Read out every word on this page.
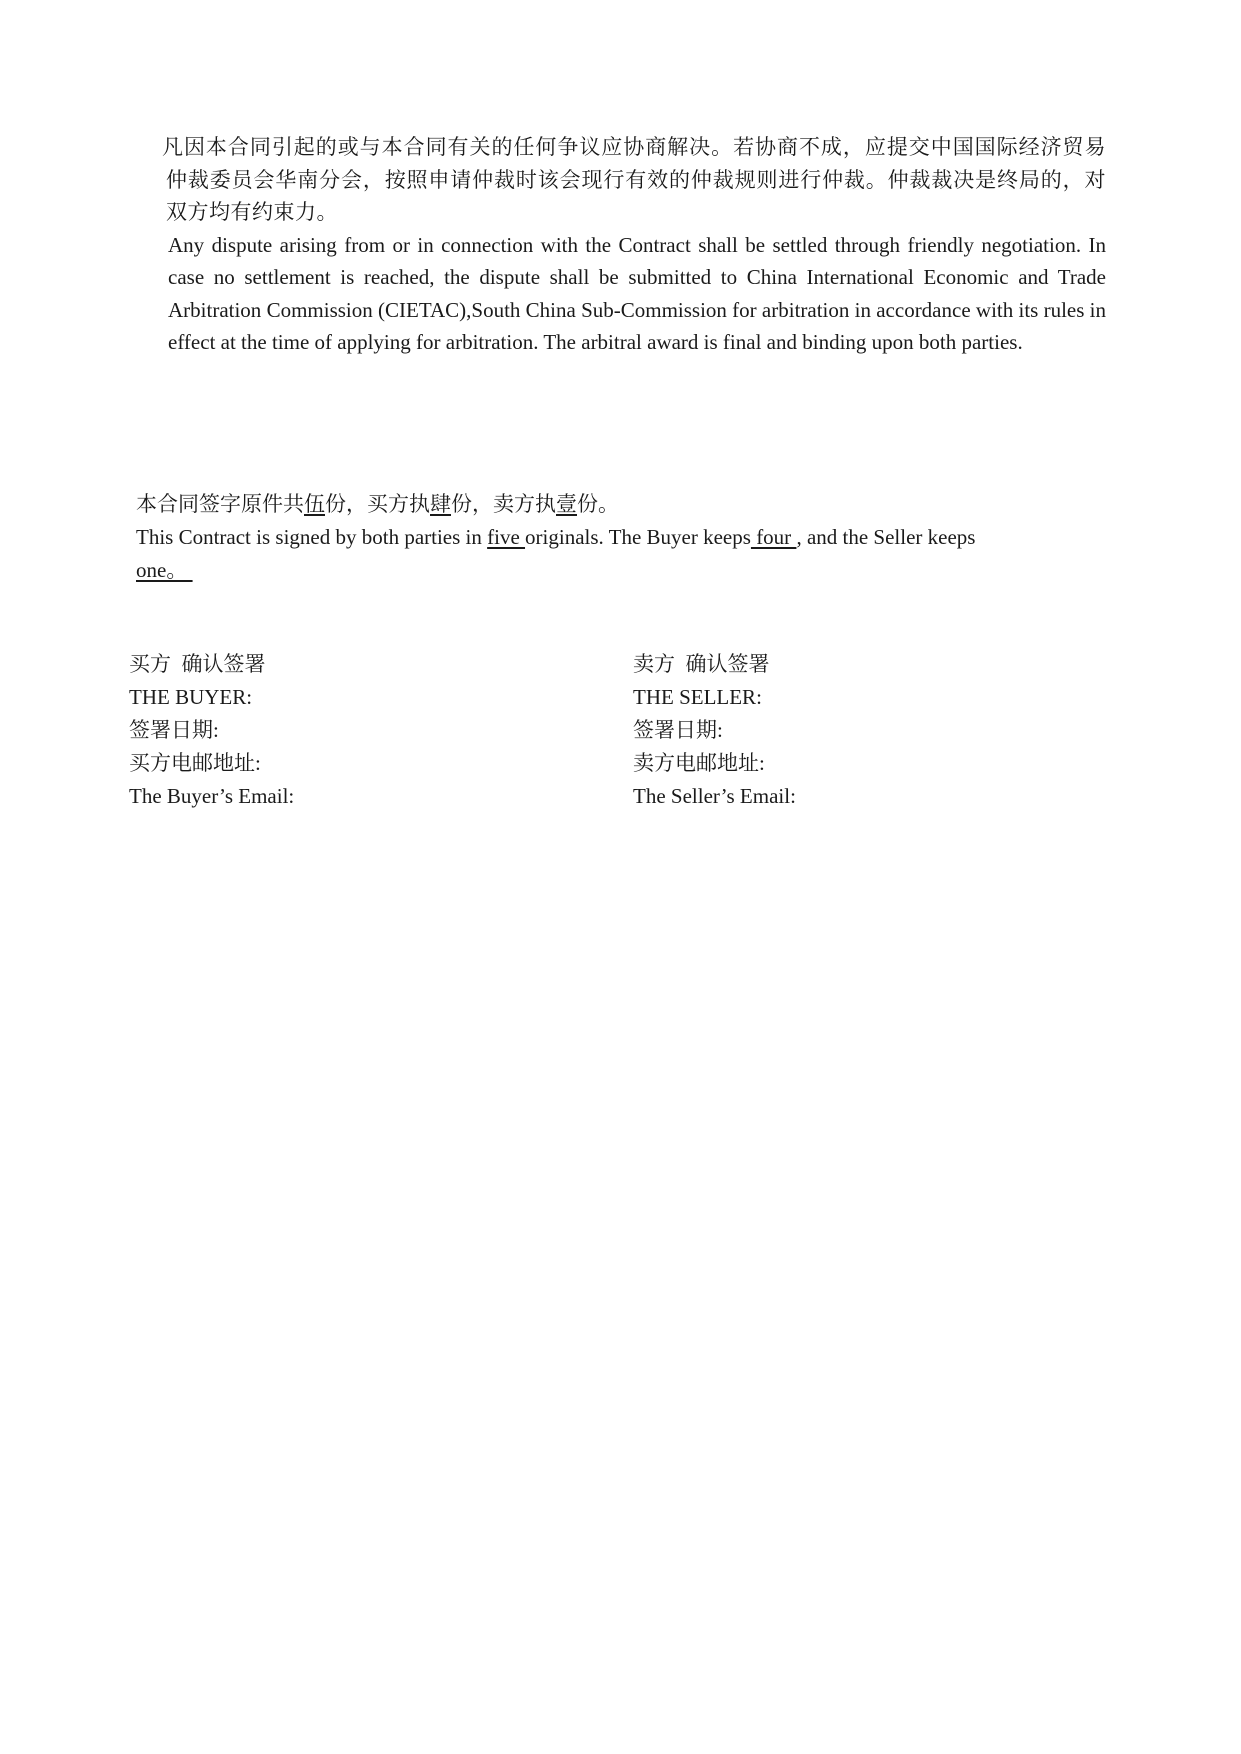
凡因本合同引起的或与本合同有关的任何争议应协商解决。若协商不成，应提交中国国际经济贸易仲裁委员会华南分会，按照申请仲裁时该会现行有效的仲裁规则进行仲裁。仲裁裁决是终局的，对双方均有约束力。
Any dispute arising from or in connection with the Contract shall be settled through friendly negotiation. In case no settlement is reached, the dispute shall be submitted to China International Economic and Trade Arbitration Commission (CIETAC),South China Sub-Commission for arbitration in accordance with its rules in effect at the time of applying for arbitration. The arbitral award is final and binding upon both parties.
本合同签字原件共伍份，买方执肆份，卖方执壹份。
This Contract is signed by both parties in five originals. The Buyer keeps four , and the Seller keeps
one。
买方  确认签署
THE BUYER:
签署日期:
买方电邮地址:
The Buyer’s Email:
卖方  确认签署
THE SELLER:
签署日期:
卖方电邮地址:
The Seller’s Email:
